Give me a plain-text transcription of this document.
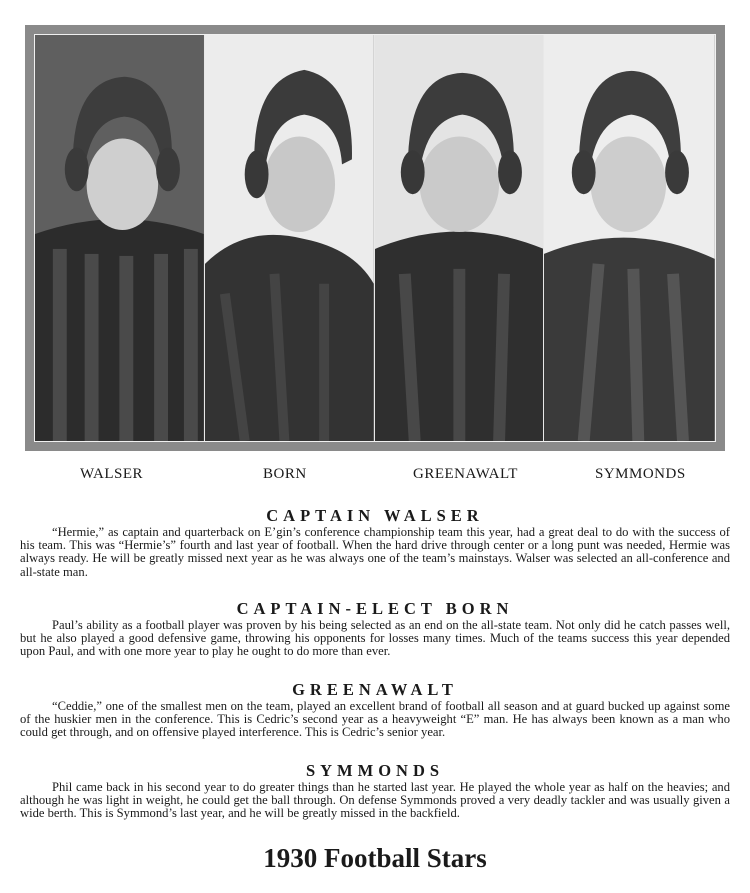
WALSER	BORN	GREENAWALT	SYMMONDS
CAPTAIN WALSER

“Hermie,” as captain and quarterback on E’gin’s conference championship team this year, had a great deal to do with the success of his team. This was “Hermie’s” fourth and last year of football. When the hard drive through center or a long punt was needed, Hermie was always ready. He will be greatly missed next year as he was always one of the team’s mainstays. Walser was selected an all-conference and all-state man.

CAPTAIN-ELECT BORN

Paul’s ability as a football player was proven by his being selected as an end on the all-state team. Not only did he catch passes well, but he also played a good defensive game, throwing his opponents for losses many times. Much of the teams success this year depended upon Paul, and with one more year to play he ought to do more than ever.

GREENAWALT

“Ceddie,” one of the smallest men on the team, played an excellent brand of football all season and at guard bucked up against some of the huskier men in the conference. This is Cedric’s second year as a heavyweight “E” man. He has always been known as a man who could get through, and on offensive played interference. This is Cedric’s senior year.

SYMMONDS

Phil came back in his second year to do greater things than he started last year. He played the whole year as half on the heavies; and although he was light in weight, he could get the ball through. On defense Symmonds proved a very deadly tackler and was usually given a wide berth. This is Symmond’s last year, and he will be greatly missed in the backfield.

1930 Football Stars
